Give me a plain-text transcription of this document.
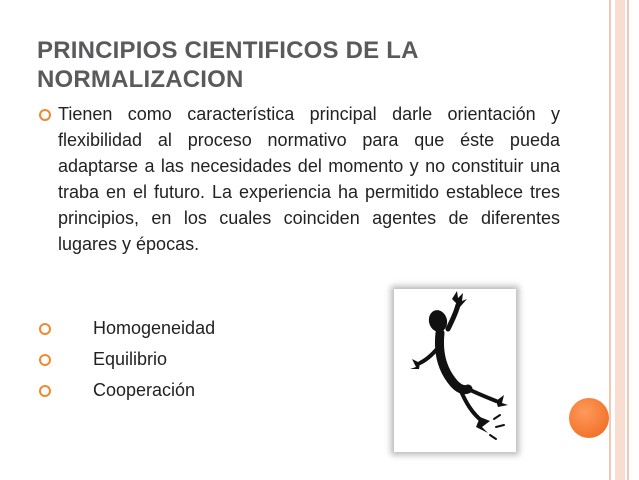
PRINCIPIOS CIENTIFICOS DE LA NORMALIZACION

Tienen como característica principal darle orientación y flexibilidad al proceso normativo para que éste pueda adaptarse a las necesidades del momento y no constituir una traba en el futuro. La experiencia ha permitido establece tres principios, en los cuales coinciden agentes de diferentes lugares y épocas.

Homogeneidad
Equilibrio
Cooperación
